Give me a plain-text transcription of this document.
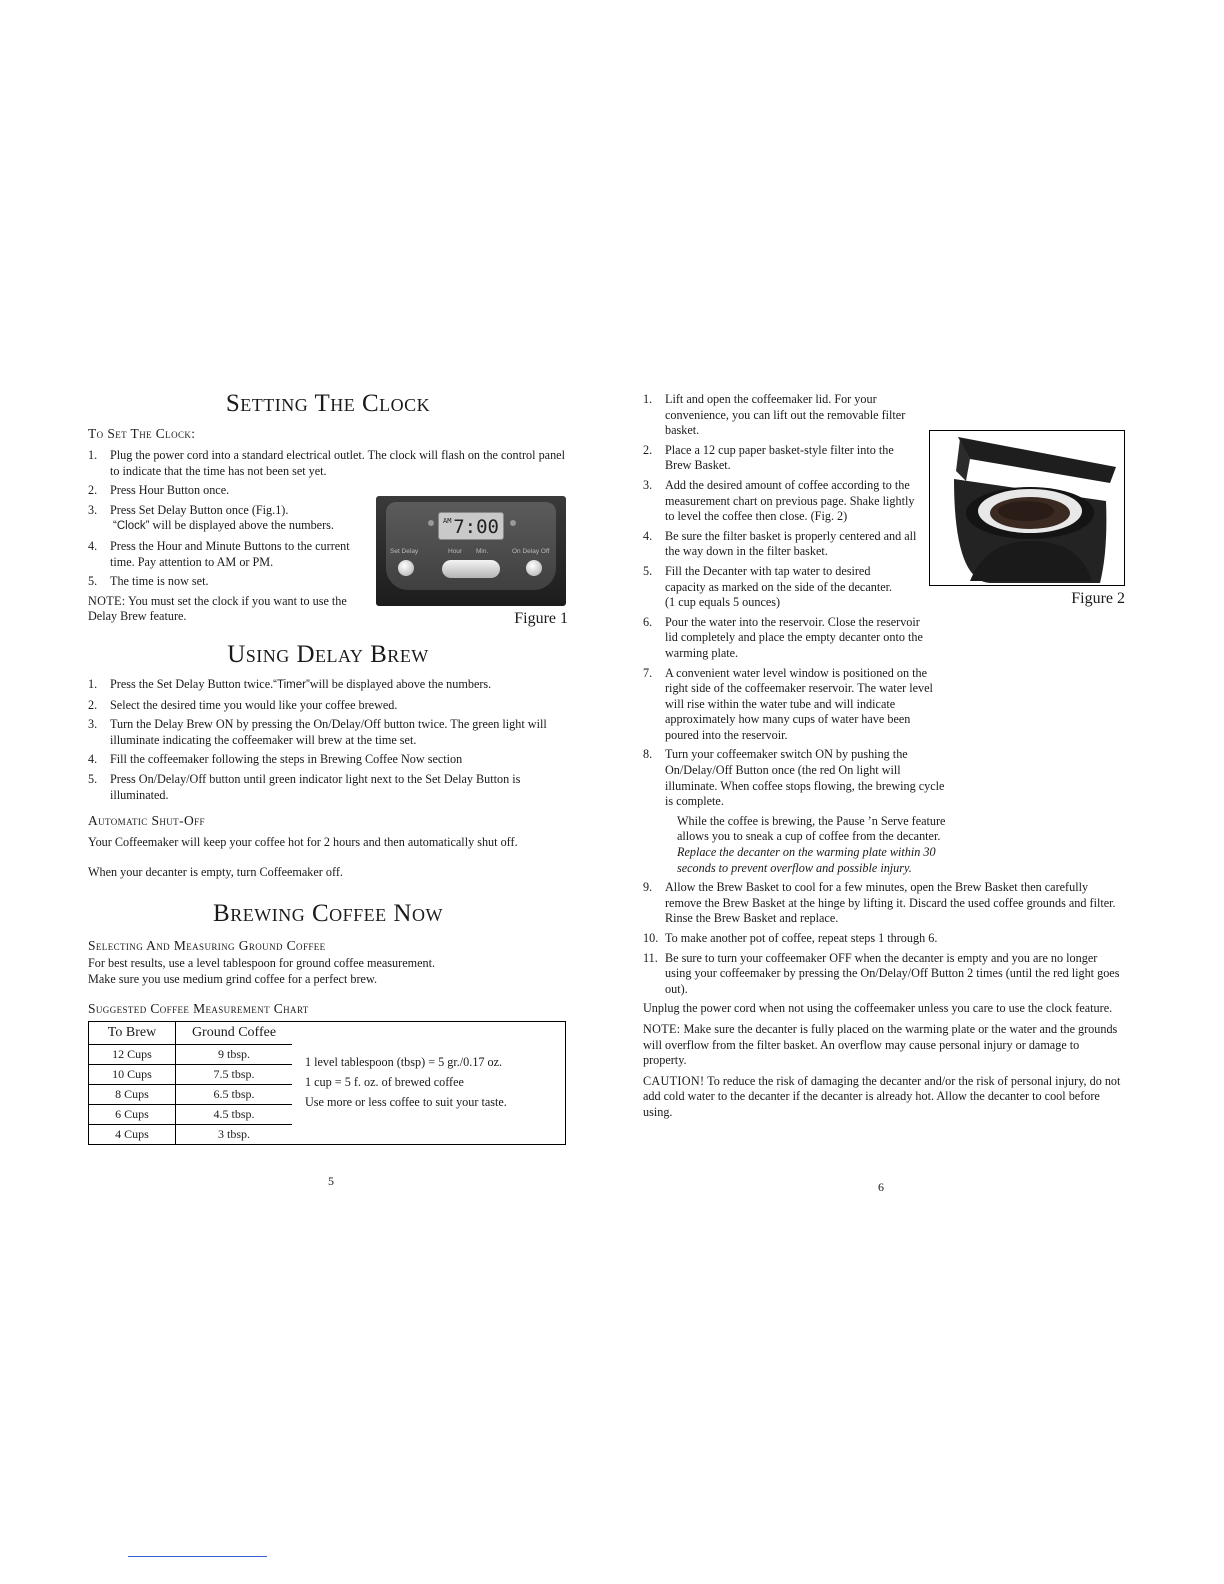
Setting The Clock
To Set The Clock:
1. Plug the power cord into a standard electrical outlet. The clock will flash on the control panel to indicate that the time has not been set yet.
2. Press Hour Button once.
3. Press Set Delay Button once (Fig.1).
“Clock” will be displayed above the numbers.
4. Press the Hour and Minute Buttons to the current time. Pay attention to AM or PM.
5. The time is now set.

NOTE: You must set the clock if you want to use the Delay Brew feature.

AM 7:00
Set Delay	Hour Min.	On Delay Off
Figure 1
Using Delay Brew
1. Press the Set Delay Button twice.“Timer”will be displayed above the numbers.
2. Select the desired time you would like your coffee brewed.
3. Turn the Delay Brew ON by pressing the On/Delay/Off button twice. The green light will illuminate indicating the coffeemaker will brew at the time set.
4. Fill the coffeemaker following the steps in Brewing Coffee Now section
5. Press On/Delay/Off button until green indicator light next to the Set Delay Button is illuminated.
Automatic Shut-Off

Your Coffeemaker will keep your coffee hot for 2 hours and then automatically shut off.

When your decanter is empty, turn Coffeemaker off.

Brewing Coffee Now
Selecting And Measuring Ground Coffee

For best results, use a level tablespoon for ground coffee measurement.

Make sure you use medium grind coffee for a perfect brew.

Suggested Coffee Measurement Chart
To Brew	Ground Coffee
12 Cups	9 tbsp.
10 Cups	7.5 tbsp.
8 Cups	6.5 tbsp.
6 Cups	4.5 tbsp.
4 Cups	3 tbsp.

1 level tablespoon (tbsp) = 5 gr./0.17 oz.

1 cup = 5 f. oz. of brewed coffee

Use more or less coffee to suit your taste.

5
Figure 2
1. Lift and open the coffeemaker lid. For your convenience, you can lift out the removable filter basket.
2. Place a 12 cup paper basket-style filter into the Brew Basket.
3. Add the desired amount of coffee according to the measurement chart on previous page. Shake lightly to level the coffee then close. (Fig. 2)
4. Be sure the filter basket is properly centered and all the way down in the filter basket.
5. Fill the Decanter with tap water to desired capacity as marked on the side of the decanter. (1 cup equals 5 ounces)
6. Pour the water into the reservoir. Close the reservoir lid completely and place the empty decanter onto the warming plate.
7. A convenient water level window is positioned on the right side of the coffeemaker reservoir. The water level will rise within the water tube and will indicate approximately how many cups of water have been poured into the reservoir.
8. Turn your coffeemaker switch ON by pushing the On/Delay/Off Button once (the red On light will illuminate. When coffee stops flowing, the brewing cycle is complete.

While the coffee is brewing, the Pause ’n Serve feature allows you to sneak a cup of coffee from the decanter. Replace the decanter on the warming plate within 30 seconds to prevent overflow and possible injury.

9. Allow the Brew Basket to cool for a few minutes, open the Brew Basket then carefully remove the Brew Basket at the hinge by lifting it. Discard the used coffee grounds and filter. Rinse the Brew Basket and replace.
10. To make another pot of coffee, repeat steps 1 through 6.
11. Be sure to turn your coffeemaker OFF when the decanter is empty and you are no longer using your coffeemaker by pressing the On/Delay/Off Button 2 times (until the red light goes out).

Unplug the power cord when not using the coffeemaker unless you care to use the clock feature.

NOTE: Make sure the decanter is fully placed on the warming plate or the water and the grounds will overflow from the filter basket. An overflow may cause personal injury or damage to property.

CAUTION! To reduce the risk of damaging the decanter and/or the risk of personal injury, do not add cold water to the decanter if the decanter is already hot. Allow the decanter to cool before using.

6
